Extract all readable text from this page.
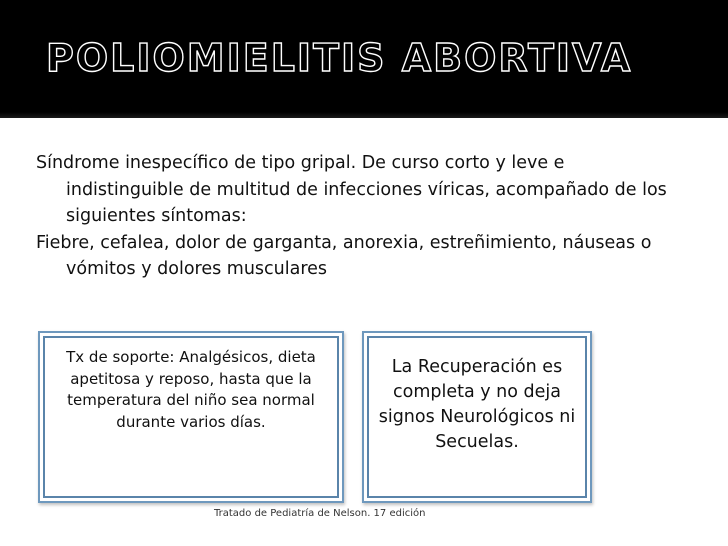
POLIOMIELITIS ABORTIVA

Síndrome inespecífico de tipo gripal. De curso corto y leve e indistinguible de multitud de infecciones víricas, acompañado de los siguientes síntomas:

Fiebre, cefalea, dolor de garganta, anorexia, estreñimiento, náuseas o vómitos y dolores musculares

Tx de soporte: Analgésicos, dieta apetitosa y reposo, hasta que la temperatura del niño sea normal durante varios días.
La Recuperación es completa y no deja signos Neurológicos ni Secuelas.
Tratado de Pediatría de Nelson. 17 edición
